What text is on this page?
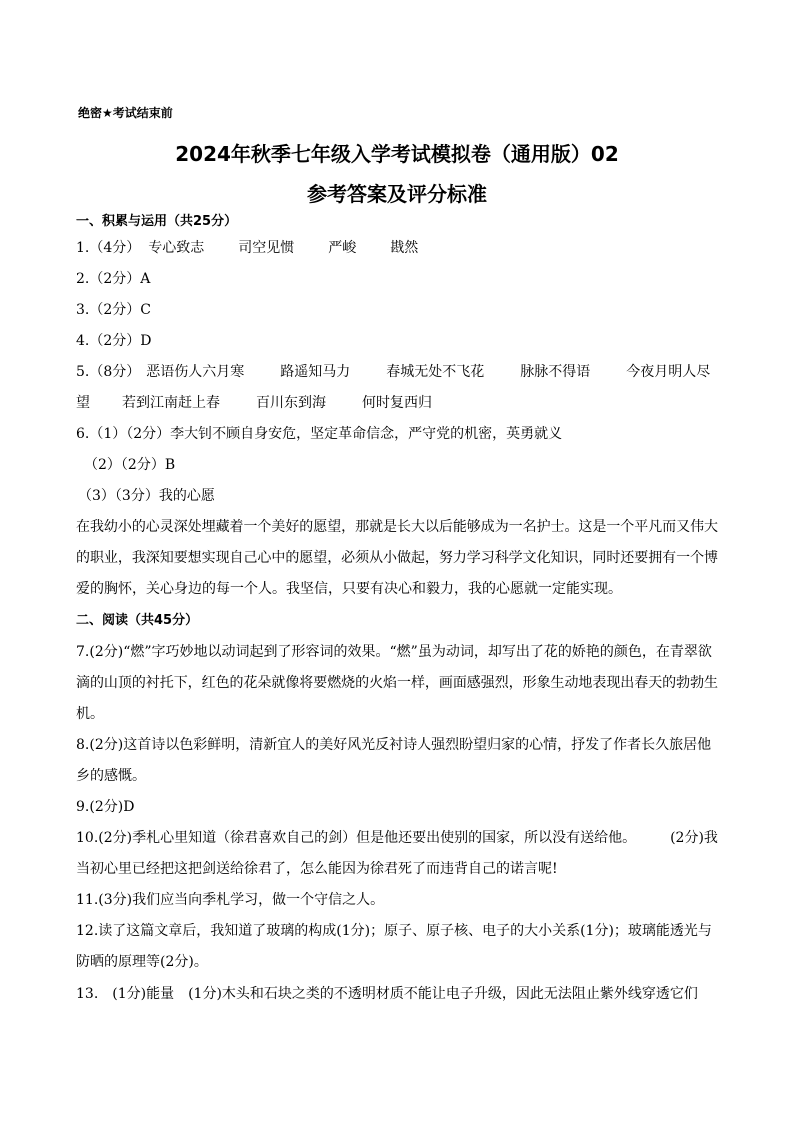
绝密★考试结束前
2024年秋季七年级入学考试模拟卷（通用版）02
参考答案及评分标准
一、积累与运用（共25分）
1.（4分） 专心致志 司空见惯 严峻 戡然
2.（2分）A
3.（2分）C
4.（2分）D
5.（8分） 恶语伤人六月寒	路遥知马力	春城无处不飞花	脉脉不得语	今夜月明人尽
望 若到江南赶上春	百川东到海	何时复西归
6.（1）（2分）李大钊不顾自身安危，坚定革命信念，严守党的机密，英勇就义
（2）（2分）B
（3）（3分）我的心愿
在我幼小的心灵深处埋藏着一个美好的愿望，那就是长大以后能够成为一名护士。这是一个平凡而又伟大
的职业，我深知要想实现自己心中的愿望，必须从小做起，努力学习科学文化知识，同时还要拥有一个博
爱的胸怀，关心身边的每一个人。我坚信，只要有决心和毅力，我的心愿就一定能实现。
二、阅读（共45分）
7.(2分)“燃”字巧妙地以动词起到了形容词的效果。“燃”虽为动词，却写出了花的娇艳的颜色，在青翠欲
滴的山顶的衬托下，红色的花朵就像将要燃烧的火焰一样，画面感强烈，形象生动地表现出春天的勃勃生
机。
8.(2分)这首诗以色彩鲜明，清新宜人的美好风光反衬诗人强烈盼望归家的心情，抒发了作者长久旅居他
乡的感慨。
9.(2分)D
10.(2分)季札心里知道（徐君喜欢自己的剑）但是他还要出使别的国家，所以没有送给他。 (2分)我
当初心里已经把这把剑送给徐君了，怎么能因为徐君死了而违背自己的诺言呢!
11.(3分)我们应当向季札学习，做一个守信之人。
12.读了这篇文章后，我知道了玻璃的构成(1分)；原子、原子核、电子的大小关系(1分)；玻璃能透光与
防晒的原理等(2分)。
13.　(1分)能量　(1分)木头和石块之类的不透明材质不能让电子升级，因此无法阻止紫外线穿透它们
